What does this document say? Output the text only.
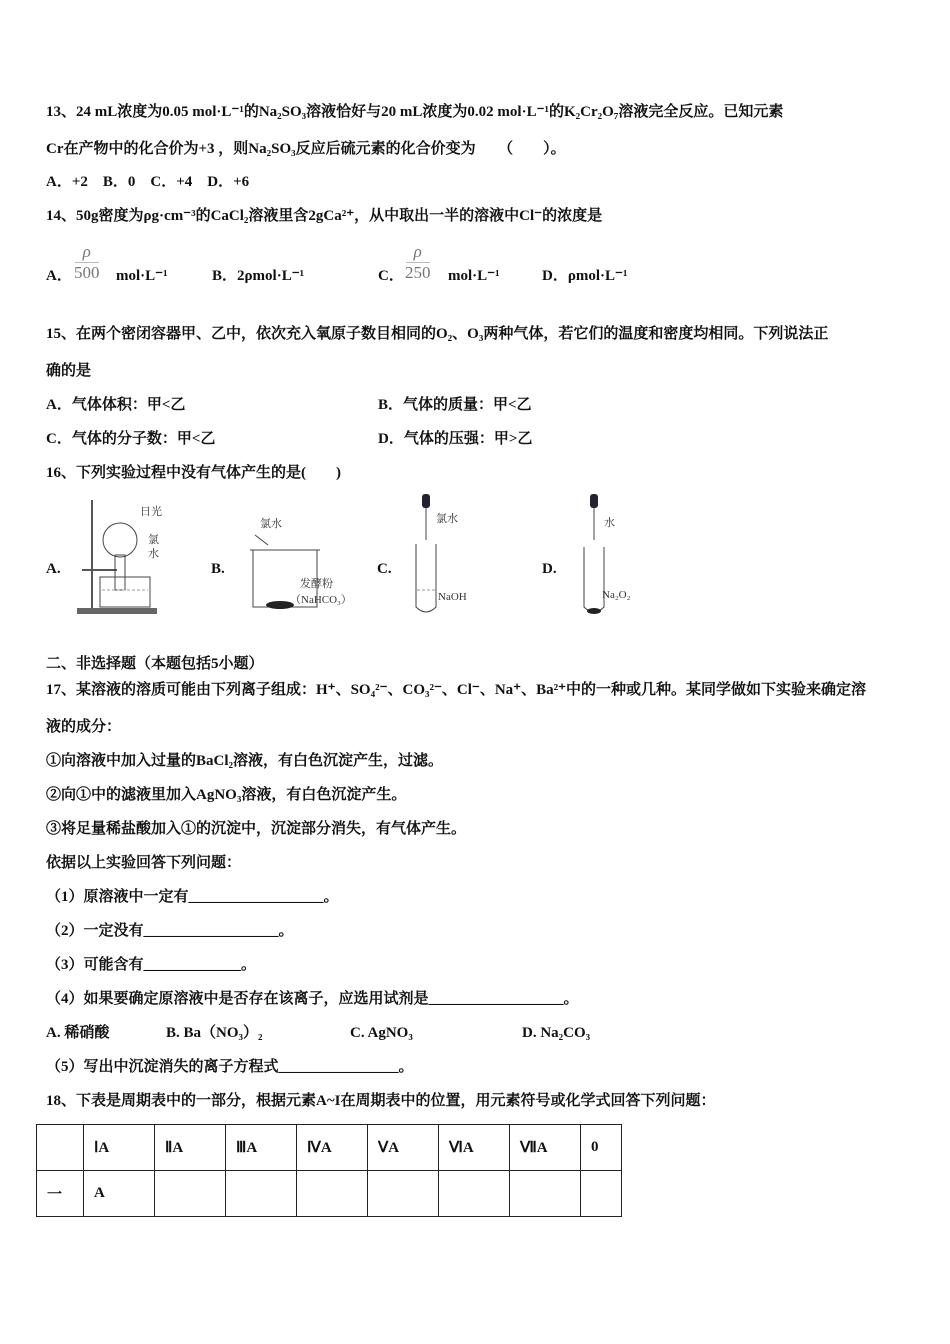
13、24 mL浓度为0.05 mol·L⁻¹的Na₂SO₃溶液恰好与20 mL浓度为0.02 mol·L⁻¹的K₂Cr₂O₇溶液完全反应。已知元素
Cr在产物中的化合价为+3 ，则Na₂SO₃反应后硫元素的化合价变为　　（　　）。
A．+2　B．0　C．+4　D．+6
14、50g密度为ρg·cm⁻³的CaCl₂溶液里含2gCa²⁺，从中取出一半的溶液中Cl⁻的浓度是
A． $\frac{\rho}{500} mol\cdot L^{-1}$	B．2ρmol·L⁻¹	C． $\frac{\rho}{250} mol\cdot L^{-1}$	D．ρmol·L⁻¹
15、在两个密闭容器甲、乙中，依次充入氧原子数目相同的O₂、O₃两种气体，若它们的温度和密度均相同。下列说法正
确的是
A．气体体积：甲<乙	B．气体的质量：甲<乙
C．气体的分子数：甲<乙	D．气体的压强：甲>乙
16、下列实验过程中没有气体产生的是(　　)
A.	B.	C.	D.
日光
氯
水
氯水
发酵粉
（NaHCO₃）
氯水
NaOH
水
Na₂O₂
二、非选择题（本题包括5小题）
17、某溶液的溶质可能由下列离子组成：H⁺、SO₄²⁻、CO₃²⁻、Cl⁻、Na⁺、Ba²⁺中的一种或几种。某同学做如下实验来确定溶
液的成分：
①向溶液中加入过量的BaCl₂溶液，有白色沉淀产生，过滤。
②向①中的滤液里加入AgNO₃溶液，有白色沉淀产生。
③将足量稀盐酸加入①的沉淀中，沉淀部分消失，有气体产生。
依据以上实验回答下列问题：
（1）原溶液中一定有__________________。
（2）一定没有__________________。
（3）可能含有_____________。
（4）如果要确定原溶液中是否存在该离子，应选用试剂是__________________。
A. 稀硝酸	B. Ba（NO₃）₂	C. AgNO₃	D. Na₂CO₃
（5）写出中沉淀消失的离子方程式________________。
18、下表是周期表中的一部分，根据元素A~I在周期表中的位置，用元素符号或化学式回答下列问题：
	ⅠA	ⅡA	ⅢA	ⅣA	ⅤA	ⅥA	ⅦA	0
一	A							
